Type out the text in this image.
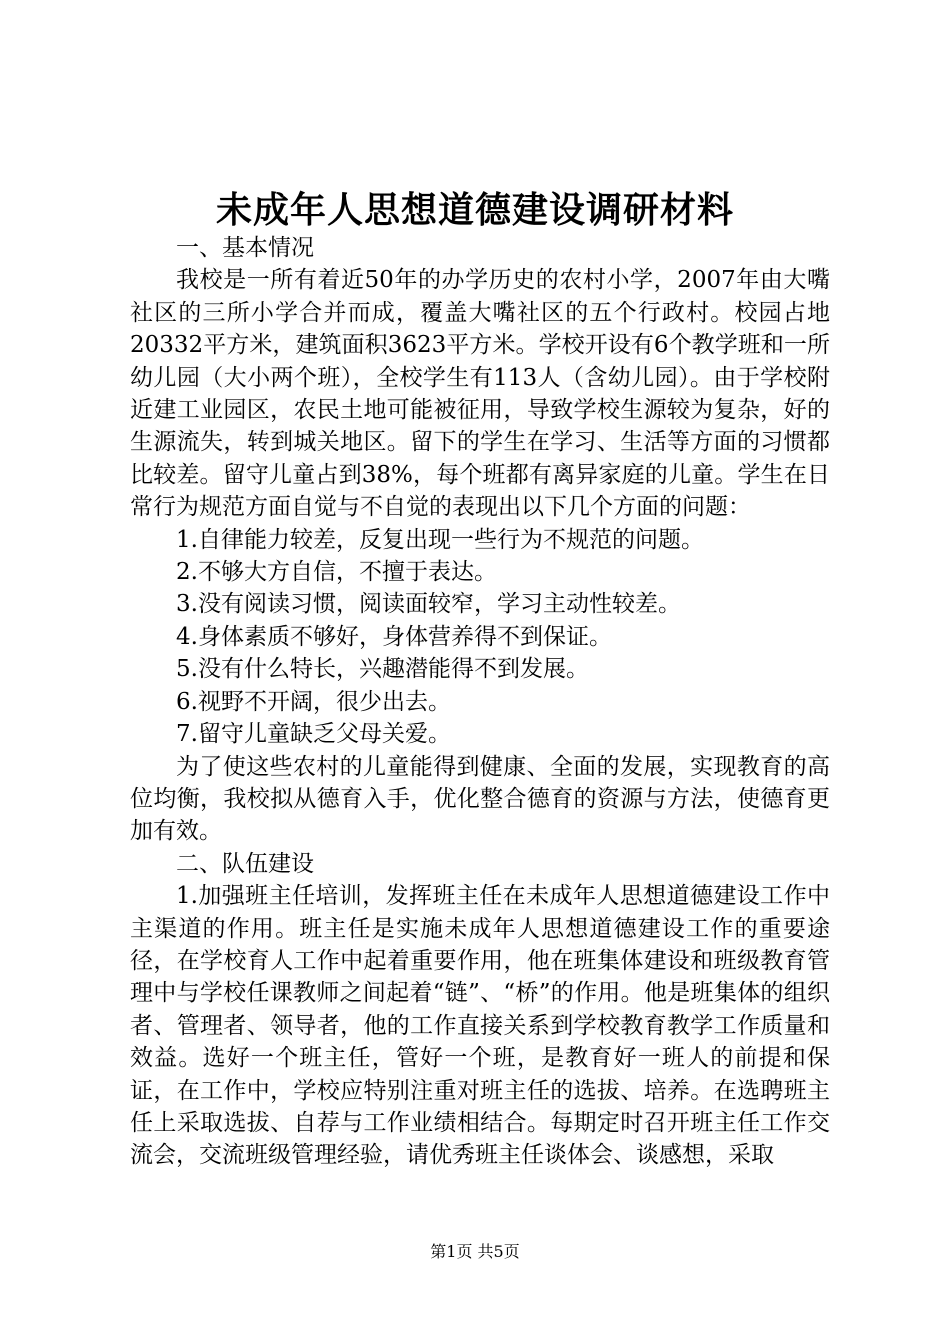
未成年人思想道德建设调研材料

一、基本情况

我校是一所有着近50年的办学历史的农村小学，2007年由大嘴社区的三所小学合并而成，覆盖大嘴社区的五个行政村。校园占地20332平方米，建筑面积3623平方米。学校开设有6个教学班和一所幼儿园（大小两个班），全校学生有113人（含幼儿园）。由于学校附近建工业园区，农民土地可能被征用，导致学校生源较为复杂，好的生源流失，转到城关地区。留下的学生在学习、生活等方面的习惯都比较差。留守儿童占到38%，每个班都有离异家庭的儿童。学生在日常行为规范方面自觉与不自觉的表现出以下几个方面的问题：

1.自律能力较差，反复出现一些行为不规范的问题。

2.不够大方自信，不擅于表达。

3.没有阅读习惯，阅读面较窄，学习主动性较差。

4.身体素质不够好，身体营养得不到保证。

5.没有什么特长，兴趣潜能得不到发展。

6.视野不开阔，很少出去。

7.留守儿童缺乏父母关爱。

为了使这些农村的儿童能得到健康、全面的发展，实现教育的高位均衡，我校拟从德育入手，优化整合德育的资源与方法，使德育更加有效。

二、队伍建设

1.加强班主任培训，发挥班主任在未成年人思想道德建设工作中主渠道的作用。班主任是实施未成年人思想道德建设工作的重要途径，在学校育人工作中起着重要作用，他在班集体建设和班级教育管理中与学校任课教师之间起着“链”、“桥”的作用。他是班集体的组织者、管理者、领导者，他的工作直接关系到学校教育教学工作质量和效益。选好一个班主任，管好一个班，是教育好一班人的前提和保证，在工作中，学校应特别注重对班主任的选拔、培养。在选聘班主任上采取选拔、自荐与工作业绩相结合。每期定时召开班主任工作交流会，交流班级管理经验，请优秀班主任谈体会、谈感想，采取

第1页 共5页
